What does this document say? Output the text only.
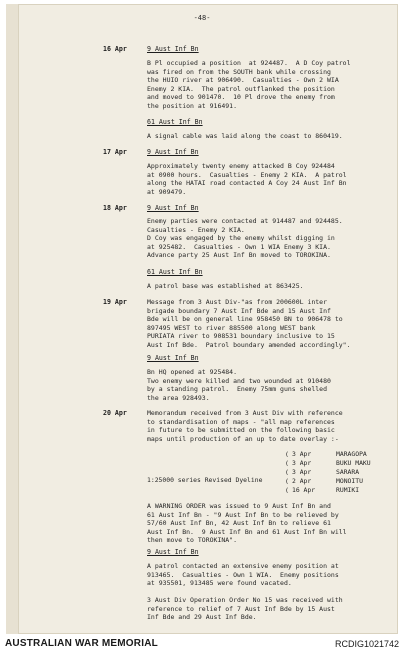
-48-
16 Apr	9 Aust Inf Bn
B Pl occupied a position  at 924487.  A D Coy patrol
was fired on from the SOUTH bank while crossing
the HUIO river at 906490.  Casualties - Own 2 WIA
Enemy 2 KIA.  The patrol outflanked the position
and moved to 901470.  10 Pl drove the enemy from
the position at 916491.
61 Aust Inf Bn
A signal cable was laid along the coast to 860419.
17 Apr	9 Aust Inf Bn
Approximately twenty enemy attacked B Coy 924484
at 0900 hours.  Casualties - Enemy 2 KIA.  A patrol
along the HATAI road contacted A Coy 24 Aust Inf Bn
at 909479.
18 Apr	9 Aust Inf Bn
Enemy parties were contacted at 914487 and 924485.
Casualties - Enemy 2 KIA.
D Coy was engaged by the enemy whilst digging in
at 925482.  Casualties - Own 1 WIA Enemy 3 KIA.
Advance party 25 Aust Inf Bn moved to TOROKINA.
61 Aust Inf Bn
A patrol base was established at 863425.
19 Apr	Message from 3 Aust Div-"as from 200600L inter
brigade boundary 7 Aust Inf Bde and 15 Aust Inf
Bde will be on general line 958450 BN to 906478 to
897495 WEST to river 885500 along WEST bank
PURIATA river to 908531 boundary inclusive to 15
Aust Inf Bde.  Patrol boundary amended accordingly".
9 Aust Inf Bn
Bn HQ opened at 925484.
Two enemy were killed and two wounded at 910480
by a standing patrol.  Enemy 75mm guns shelled
the area 928493.
20 Apr	Memorandum received from 3 Aust Div with reference
to standardisation of maps - "all map references
in future to be submitted on the following basic
maps until production of an up to date overlay :-
1:25000 series Revised Dyeline
( 3 Apr	MARAGOPA
( 3 Apr	BUKU MAKU
( 3 Apr	SARARA
( 2 Apr	MONOITU
( 16 Apr	RUMIKI
A WARNING ORDER was issued to 9 Aust Inf Bn and
61 Aust Inf Bn - "9 Aust Inf Bn to be relieved by
57/60 Aust Inf Bn, 42 Aust Inf Bn to relieve 61
Aust Inf Bn.  9 Aust Inf Bn and 61 Aust Inf Bn will
then move to TOROKINA".
9 Aust Inf Bn
A patrol contacted an extensive enemy position at
913465.  Casualties - Own 1 WIA.  Enemy positions
at 935501, 913485 were found vacated.
3 Aust Div Operation Order No 15 was received with
reference to relief of 7 Aust Inf Bde by 15 Aust
Inf Bde and 29 Aust Inf Bde.
AUSTRALIAN WAR MEMORIAL	RCDIG1021742
